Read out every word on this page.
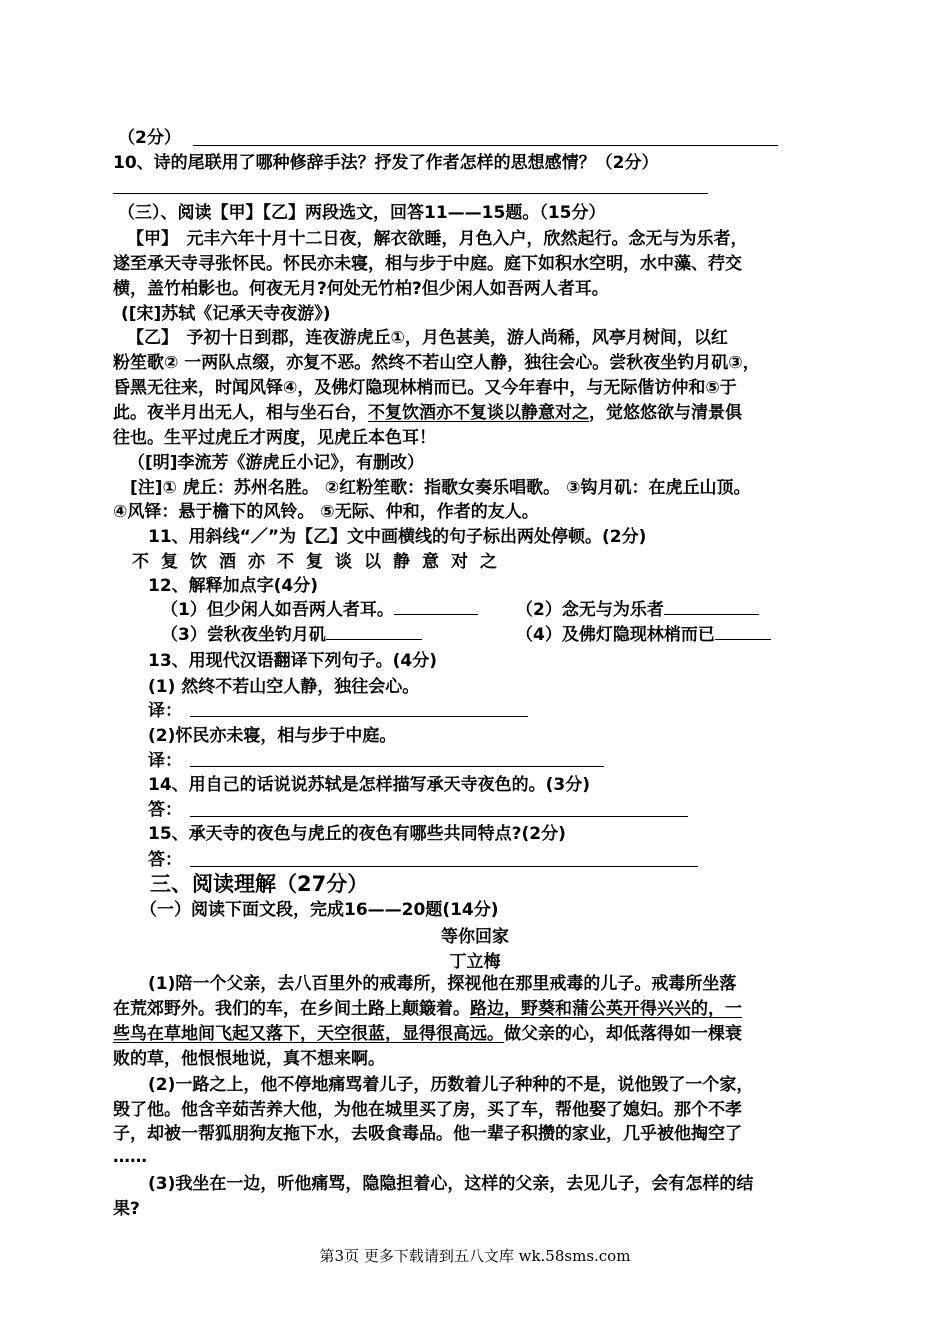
（2分）
10、诗的尾联用了哪种修辞手法？抒发了作者怎样的思想感情？（2分）
（三）、阅读【甲】【乙】两段选文，回答11——15题。（15分）
【甲】　元丰六年十月十二日夜，解衣欲睡，月色入户，欣然起行。念无与为乐者，
遂至承天寺寻张怀民。怀民亦未寝，相与步于中庭。庭下如积水空明，水中藻、荇交
横，盖竹柏影也。何夜无月?何处无竹柏?但少闲人如吾两人者耳。
([宋]苏轼《记承天寺夜游》)
【乙】　予初十日到郡，连夜游虎丘①，月色甚美，游人尚稀，风亭月树间，以红
粉笙歌② 一两队点缀，亦复不恶。然终不若山空人静，独往会心。尝秋夜坐钓月矶③，
昏黑无往来，时闻风铎④，及佛灯隐现林梢而已。又今年春中，与无际偕访仲和⑤于
此。夜半月出无人，相与坐石台，不复饮酒亦不复谈以静意对之，觉悠悠欲与清景俱
往也。生平过虎丘才两度，见虎丘本色耳！
（[明]李流芳《游虎丘小记》，有删改）
[注]① 虎丘：苏州名胜。 ②红粉笙歌：指歌女奏乐唱歌。 ③钩月矶：在虎丘山顶。
④风铎：悬于檐下的风铃。 ⑤无际、仲和，作者的友人。
11、用斜线“／”为【乙】文中画横线的句子标出两处停顿。(2分)
不复饮酒亦不复谈以静意对之
12、解释加点字(4分)
（1）但少闲人如吾两人者耳。	（2）念无与为乐者
（3）尝秋夜坐钓月矶	（4）及佛灯隐现林梢而已
13、用现代汉语翻译下列句子。(4分)
(1) 然终不若山空人静，独往会心。
译：
(2)怀民亦未寝，相与步于中庭。
译：
14、用自己的话说说苏轼是怎样描写承天寺夜色的。(3分)
答：
15、承天寺的夜色与虎丘的夜色有哪些共同特点?(2分)
答：
三、阅读理解（27分）
（一）阅读下面文段，完成16——20题(14分)
等你回家
丁立梅
(1)陪一个父亲，去八百里外的戒毒所，探视他在那里戒毒的儿子。戒毒所坐落
在荒郊野外。我们的车，在乡间土路上颠簸着。路边，野葵和蒲公英开得兴兴的，一
些鸟在草地间飞起又落下，天空很蓝，显得很高远。做父亲的心，却低落得如一棵衰
败的草，他恨恨地说，真不想来啊。
(2)一路之上，他不停地痛骂着儿子，历数着儿子种种的不是，说他毁了一个家，
毁了他。他含辛茹苦养大他，为他在城里买了房，买了车，帮他娶了媳妇。那个不孝
子，却被一帮狐朋狗友拖下水，去吸食毒品。他一辈子积攒的家业，几乎被他掏空了
……
(3)我坐在一边，听他痛骂，隐隐担着心，这样的父亲，去见儿子，会有怎样的结
果?
第3页 更多下载请到五八文库 wk.58sms.com
